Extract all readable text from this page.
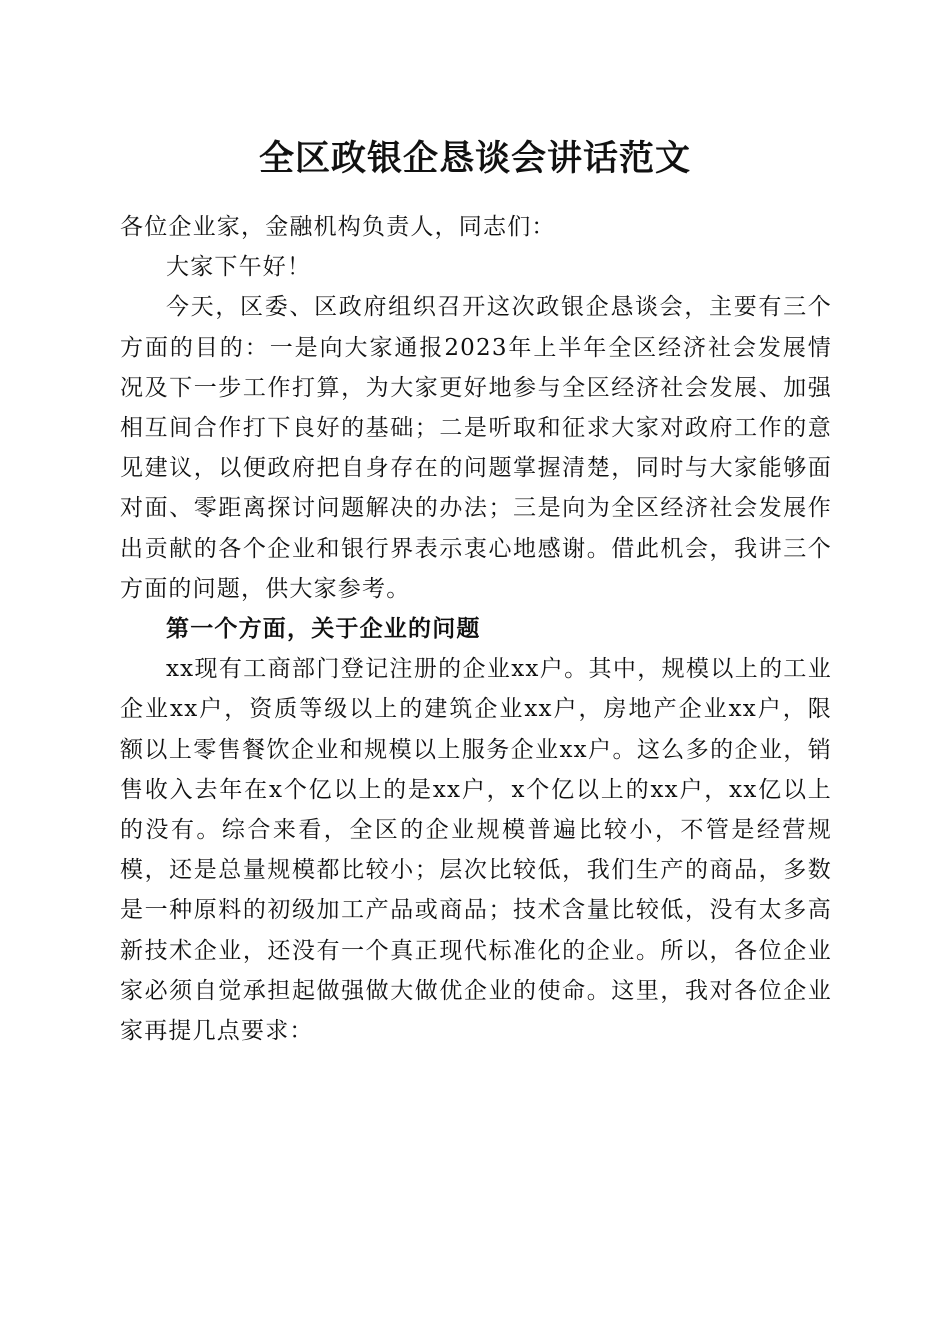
全区政银企恳谈会讲话范文

各位企业家，金融机构负责人，同志们：

大家下午好！

今天，区委、区政府组织召开这次政银企恳谈会，主要有三个方面的目的：一是向大家通报2023年上半年全区经济社会发展情况及下一步工作打算，为大家更好地参与全区经济社会发展、加强相互间合作打下良好的基础；二是听取和征求大家对政府工作的意见建议，以便政府把自身存在的问题掌握清楚，同时与大家能够面对面、零距离探讨问题解决的办法；三是向为全区经济社会发展作出贡献的各个企业和银行界表示衷心地感谢。借此机会，我讲三个方面的问题，供大家参考。

第一个方面，关于企业的问题

xx现有工商部门登记注册的企业xx户。其中，规模以上的工业企业xx户，资质等级以上的建筑企业xx户，房地产企业xx户，限额以上零售餐饮企业和规模以上服务企业xx户。这么多的企业，销售收入去年在x个亿以上的是xx户，x个亿以上的xx户，xx亿以上的没有。综合来看，全区的企业规模普遍比较小，不管是经营规模，还是总量规模都比较小；层次比较低，我们生产的商品，多数是一种原料的初级加工产品或商品；技术含量比较低，没有太多高新技术企业，还没有一个真正现代标准化的企业。所以，各位企业家必须自觉承担起做强做大做优企业的使命。这里，我对各位企业家再提几点要求：
